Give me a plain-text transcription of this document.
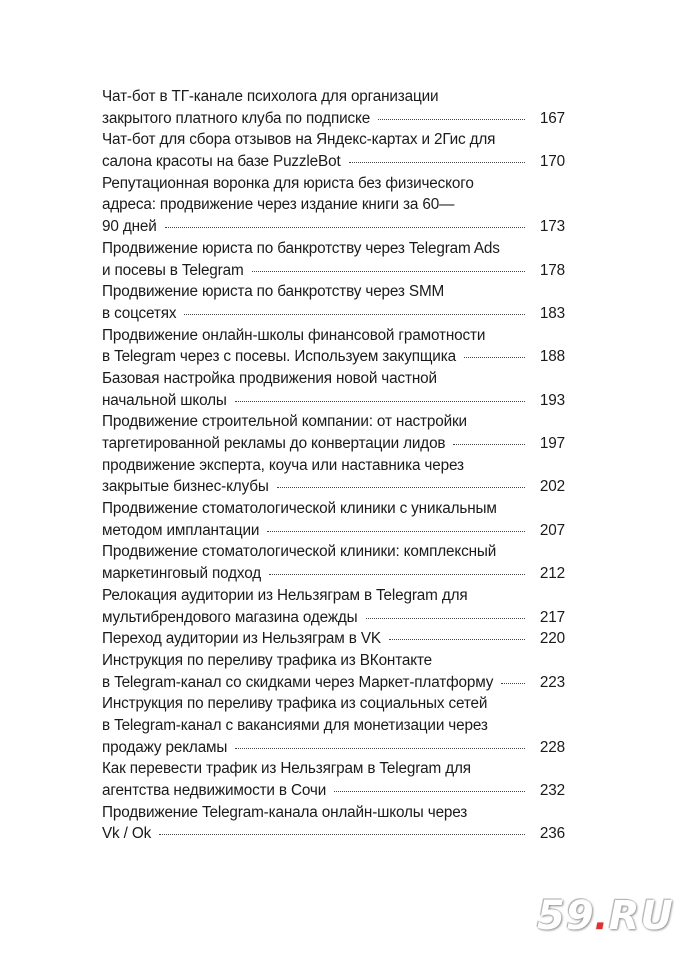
Чат-бот в ТГ-канале психолога для организации
закрытого платного клуба по подписке	167
Чат-бот для сбора отзывов на Яндекс-картах и 2Гис для
салона красоты на базе PuzzleBot	170
Репутационная воронка для юриста без физического
адреса: продвижение через издание книги за 60—
90 дней	173
Продвижение юриста по банкротству через Telegram Ads
и посевы в Telegram	178
Продвижение юриста по банкротству через SMM
в соцсетях	183
Продвижение онлайн-школы финансовой грамотности
в Telegram через с посевы. Используем закупщика	188
Базовая настройка продвижения новой частной
начальной школы	193
Продвижение строительной компании: от настройки
таргетированной рекламы до конвертации лидов	197
продвижение эксперта, коуча или наставника через
закрытые бизнес-клубы	202
Продвижение стоматологической клиники с уникальным
методом имплантации	207
Продвижение стоматологической клиники: комплексный
маркетинговый подход	212
Релокация аудитории из Нельзяграм в Telegram для
мультибрендового магазина одежды	217
Переход аудитории из Нельзяграм в VK	220
Инструкция по переливу трафика из ВКонтакте
в Telegram-канал со скидками через Маркет-платформу	223
Инструкция по переливу трафика из социальных сетей
в Telegram-канал с вакансиями для монетизации через
продажу рекламы	228
Как перевести трафик из Нельзяграм в Telegram для
агентства недвижимости в Сочи	232
Продвижение Telegram-канала онлайн-школы через
Vk / Ok	236
59.RU
